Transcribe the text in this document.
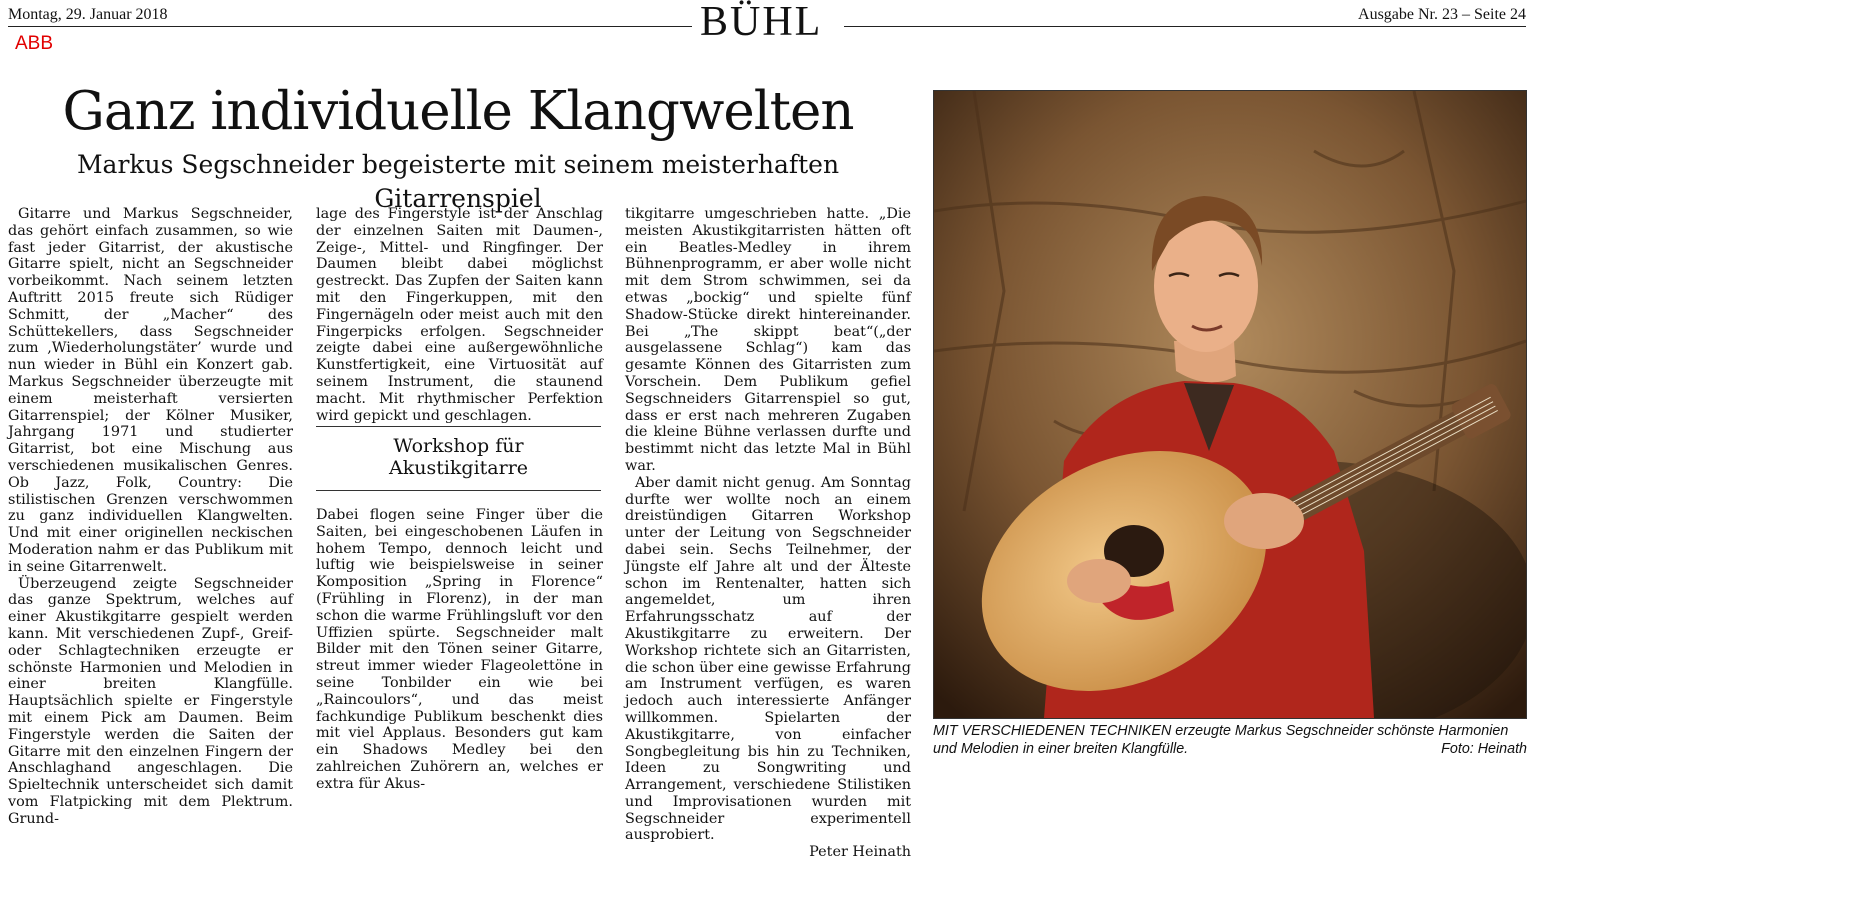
Montag, 29. Januar 2018	BÜHL	Ausgabe Nr. 23 – Seite 24
ABB
Ganz individuelle Klangwelten
Markus Segschneider begeisterte mit seinem meisterhaften Gitarrenspiel

Gitarre und Markus Segschneider, das gehört einfach zusammen, so wie fast jeder Gitarrist, der akustische Gitarre spielt, nicht an Segschneider vorbeikommt. Nach seinem letzten Auftritt 2015 freute sich Rüdiger Schmitt, der „Macher“ des Schüttekellers, dass Segschneider zum ‚Wiederholungstäter’ wurde und nun wieder in Bühl ein Konzert gab. Markus Segschneider überzeugte mit einem meisterhaft versierten Gitarrenspiel; der Kölner Musiker, Jahrgang 1971 und studierter Gitarrist, bot eine Mischung aus verschiedenen musikalischen Genres. Ob Jazz, Folk, Country: Die stilistischen Grenzen verschwommen zu ganz individuellen Klangwelten. Und mit einer originellen neckischen Moderation nahm er das Publikum mit in seine Gitarrenwelt.

Überzeugend zeigte Segschneider das ganze Spektrum, welches auf einer Akustikgitarre gespielt werden kann. Mit verschiedenen Zupf-, Greif- oder Schlagtechniken erzeugte er schönste Harmonien und Melodien in einer breiten Klangfülle. Hauptsächlich spielte er Fingerstyle mit einem Pick am Daumen. Beim Fingerstyle werden die Saiten der Gitarre mit den einzelnen Fingern der Anschlaghand angeschlagen. Die Spieltechnik unterscheidet sich damit vom Flatpicking mit dem Plektrum. Grund-

lage des Fingerstyle ist der Anschlag der einzelnen Saiten mit Daumen-, Zeige-, Mittel- und Ringfinger. Der Daumen bleibt dabei möglichst gestreckt. Das Zupfen der Saiten kann mit den Fingerkuppen, mit den Fingernägeln oder meist auch mit den Fingerpicks erfolgen. Segschneider zeigte dabei eine außergewöhnliche Kunstfertigkeit, eine Virtuosität auf seinem Instrument, die staunend macht. Mit rhythmischer Perfektion wird gepickt und geschlagen.

Workshop für
Akustikgitarre

Dabei flogen seine Finger über die Saiten, bei eingeschobenen Läufen in hohem Tempo, dennoch leicht und luftig wie beispielsweise in seiner Komposition „Spring in Florence“ (Frühling in Florenz), in der man schon die warme Frühlingsluft vor den Uffizien spürte. Segschneider malt Bilder mit den Tönen seiner Gitarre, streut immer wieder Flageolettöne in seine Tonbilder ein wie bei „Raincoulors“, und das meist fachkundige Publikum beschenkt dies mit viel Applaus. Besonders gut kam ein Shadows Medley bei den zahlreichen Zuhörern an, welches er extra für Akus-

tikgitarre umgeschrieben hatte. „Die meisten Akustikgitarristen hätten oft ein Beatles-Medley in ihrem Bühnenprogramm, er aber wolle nicht mit dem Strom schwimmen, sei da etwas „bockig“ und spielte fünf Shadow-Stücke direkt hintereinander. Bei „The skippt beat“(„der ausgelassene Schlag“) kam das gesamte Können des Gitarristen zum Vorschein. Dem Publikum gefiel Segschneiders Gitarrenspiel so gut, dass er erst nach mehreren Zugaben die kleine Bühne verlassen durfte und bestimmt nicht das letzte Mal in Bühl war.

Aber damit nicht genug. Am Sonntag durfte wer wollte noch an einem dreistündigen Gitarren Workshop unter der Leitung von Segschneider dabei sein. Sechs Teilnehmer, der Jüngste elf Jahre alt und der Älteste schon im Rentenalter, hatten sich angemeldet, um ihren Erfahrungsschatz auf der Akustikgitarre zu erweitern. Der Workshop richtete sich an Gitarristen, die schon über eine gewisse Erfahrung am Instrument verfügen, es waren jedoch auch interessierte Anfänger willkommen. Spielarten der Akustikgitarre, von einfacher Songbegleitung bis hin zu Techniken, Ideen zu Songwriting und Arrangement, verschiedene Stilistiken und Improvisationen wurden mit Segschneider experimentell ausprobiert.

Peter Heinath
MIT VERSCHIEDENEN TECHNIKEN erzeugte Markus Segschneider schönste Harmonien und Melodien in einer breiten Klangfülle.	Foto: Heinath
